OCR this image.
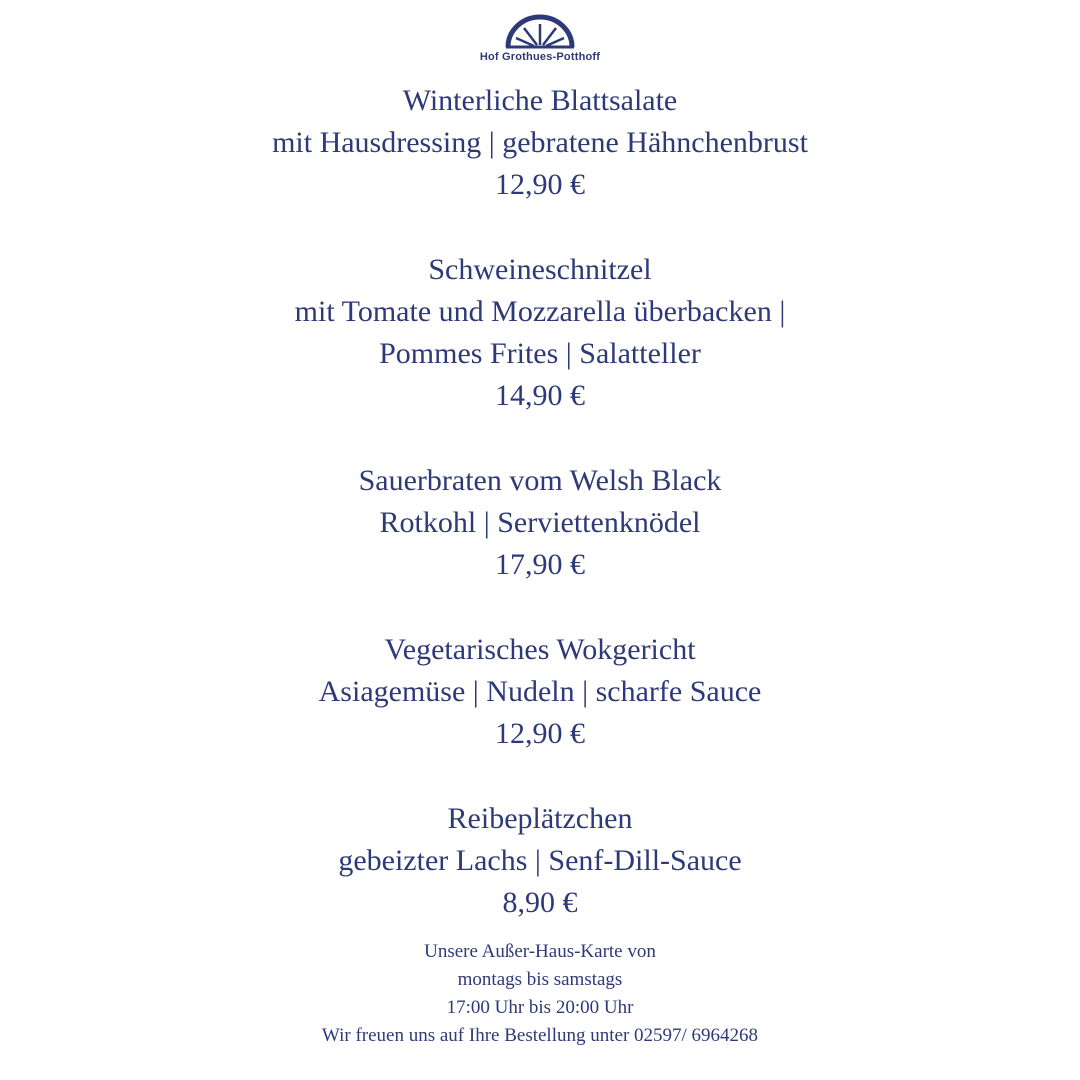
Hof Grothues-Potthoff
Winterliche Blattsalate
mit Hausdressing | gebratene Hähnchenbrust
12,90 €
Schweineschnitzel
mit Tomate und Mozzarella überbacken |
Pommes Frites | Salatteller
14,90 €
Sauerbraten vom Welsh Black
Rotkohl | Serviettenknödel
17,90 €
Vegetarisches Wokgericht
Asiagemüse | Nudeln | scharfe Sauce
12,90 €
Reibeplätzchen
gebeizter Lachs | Senf-Dill-Sauce
8,90 €
Unsere Außer-Haus-Karte von
montags bis samstags
17:00 Uhr bis 20:00 Uhr
Wir freuen uns auf Ihre Bestellung unter 02597/ 6964268
